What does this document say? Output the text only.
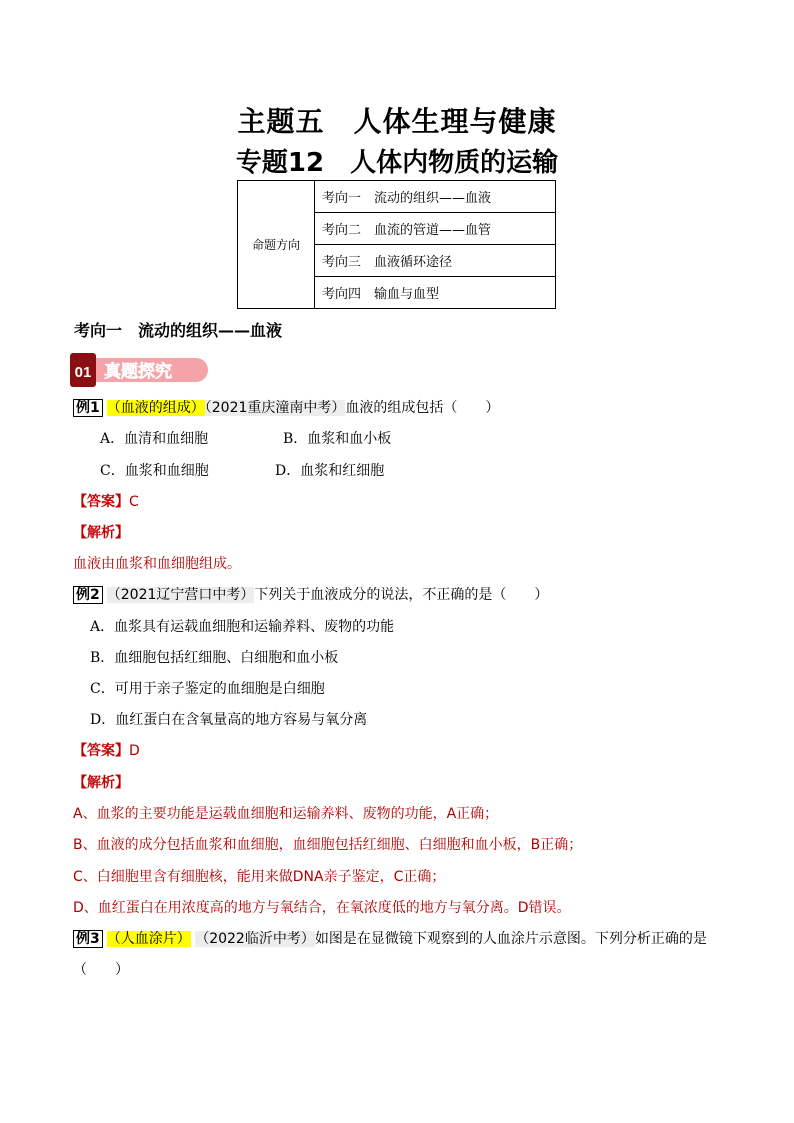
主题五　人体生理与健康
专题12　人体内物质的运输
命题方向	考向一　流动的组织——血液
考向二　血流的管道——血管
考向三　血液循环途径
考向四　输血与血型
考向一　流动的组织——血液
01 真题探究
例1 （血液的组成）（2021重庆潼南中考）血液的组成包括（　　）
A．血清和血细胞	B．血浆和血小板
C．血浆和血细胞	D．血浆和红细胞
【答案】C
【解析】
血液由血浆和血细胞组成。
例2 （2021辽宁营口中考）下列关于血液成分的说法，不正确的是（　　）
A．血浆具有运载血细胞和运输养料、废物的功能
B．血细胞包括红细胞、白细胞和血小板
C．可用于亲子鉴定的血细胞是白细胞
D．血红蛋白在含氧量高的地方容易与氧分离
【答案】D
【解析】
A、血浆的主要功能是运载血细胞和运输养料、废物的功能，A正确；
B、血液的成分包括血浆和血细胞，血细胞包括红细胞、白细胞和血小板，B正确；
C、白细胞里含有细胞核，能用来做DNA亲子鉴定，C正确；
D、血红蛋白在用浓度高的地方与氧结合，在氧浓度低的地方与氧分离。D错误。
例3 （人血涂片） （2022临沂中考）如图是在显微镜下观察到的人血涂片示意图。下列分析正确的是
（　　）
